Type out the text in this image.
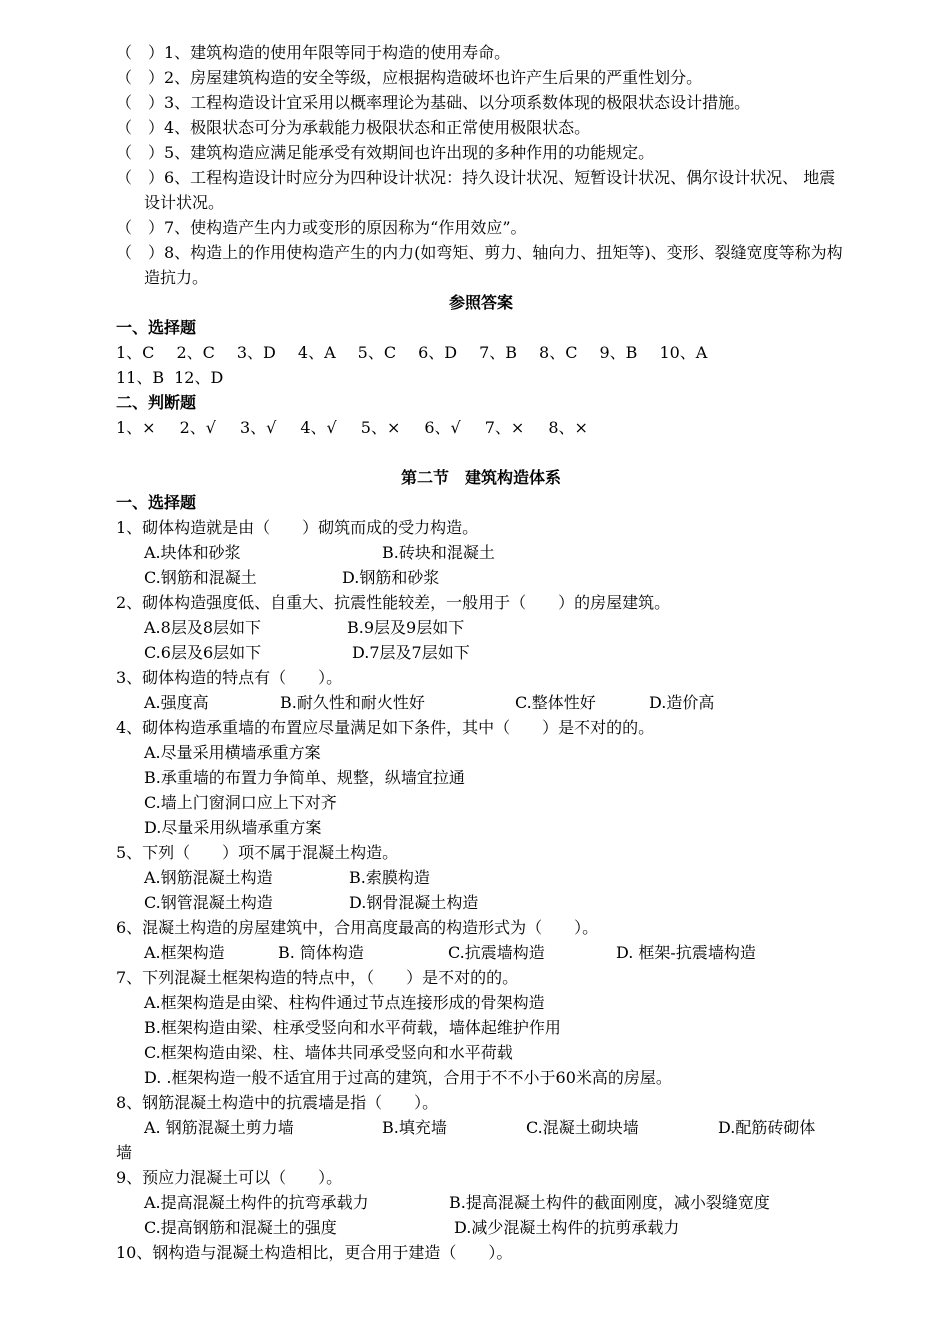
（　）1、建筑构造的使用年限等同于构造的使用寿命。
（　）2、房屋建筑构造的安全等级，应根据构造破坏也许产生后果的严重性划分。
（　）3、工程构造设计宜采用以概率理论为基础、以分项系数体现的极限状态设计措施。
（　）4、极限状态可分为承载能力极限状态和正常使用极限状态。
（　）5、建筑构造应满足能承受有效期间也许出现的多种作用的功能规定。
（　）6、工程构造设计时应分为四种设计状况：持久设计状况、短暂设计状况、偶尔设计状况、 地震设计状况。
（　）7、使构造产生内力或变形的原因称为“作用效应”。
（　）8、构造上的作用使构造产生的内力(如弯矩、剪力、轴向力、扭矩等)、变形、裂缝宽度等称为构造抗力。
参照答案
一、选择题
1、C 2、C 3、D 4、A 5、C 6、D 7、B 8、C 9、B 10、A
11、B 12、D
二、判断题
1、× 2、√ 3、√ 4、√ 5、× 6、√ 7、× 8、×
第二节　建筑构造体系
一、选择题
1、砌体构造就是由（　　）砌筑而成的受力构造。
A.块体和砂浆	B.砖块和混凝土
C.钢筋和混凝土	D.钢筋和砂浆
2、砌体构造强度低、自重大、抗震性能较差，一般用于（　　）的房屋建筑。
A.8层及8层如下	B.9层及9层如下
C.6层及6层如下	D.7层及7层如下
3、砌体构造的特点有（　　）。
A.强度高	B.耐久性和耐火性好	C.整体性好	D.造价高
4、砌体构造承重墙的布置应尽量满足如下条件，其中（　　）是不对的的。
A.尽量采用横墙承重方案
B.承重墙的布置力争简单、规整，纵墙宜拉通
C.墙上门窗洞口应上下对齐
D.尽量采用纵墙承重方案
5、下列（　　）项不属于混凝土构造。
A.钢筋混凝土构造	B.索膜构造
C.钢管混凝土构造	D.钢骨混凝土构造
6、混凝土构造的房屋建筑中，合用高度最高的构造形式为（　　）。
A.框架构造	B. 筒体构造	C.抗震墙构造	D. 框架-抗震墙构造
7、下列混凝土框架构造的特点中，（　　）是不对的的。
A.框架构造是由梁、柱构件通过节点连接形成的骨架构造
B.框架构造由梁、柱承受竖向和水平荷载，墙体起维护作用
C.框架构造由梁、柱、墙体共同承受竖向和水平荷载
D. .框架构造一般不适宜用于过高的建筑，合用于不不小于60米高的房屋。
8、钢筋混凝土构造中的抗震墙是指（　　）。
A. 钢筋混凝土剪力墙	B.填充墙	C.混凝土砌块墙	D.配筋砖砌体
墙
9、预应力混凝土可以（　　）。
A.提高混凝土构件的抗弯承载力	B.提高混凝土构件的截面刚度，减小裂缝宽度
C.提高钢筋和混凝土的强度	D.减少混凝土构件的抗剪承载力
10、钢构造与混凝土构造相比，更合用于建造（　　）。
